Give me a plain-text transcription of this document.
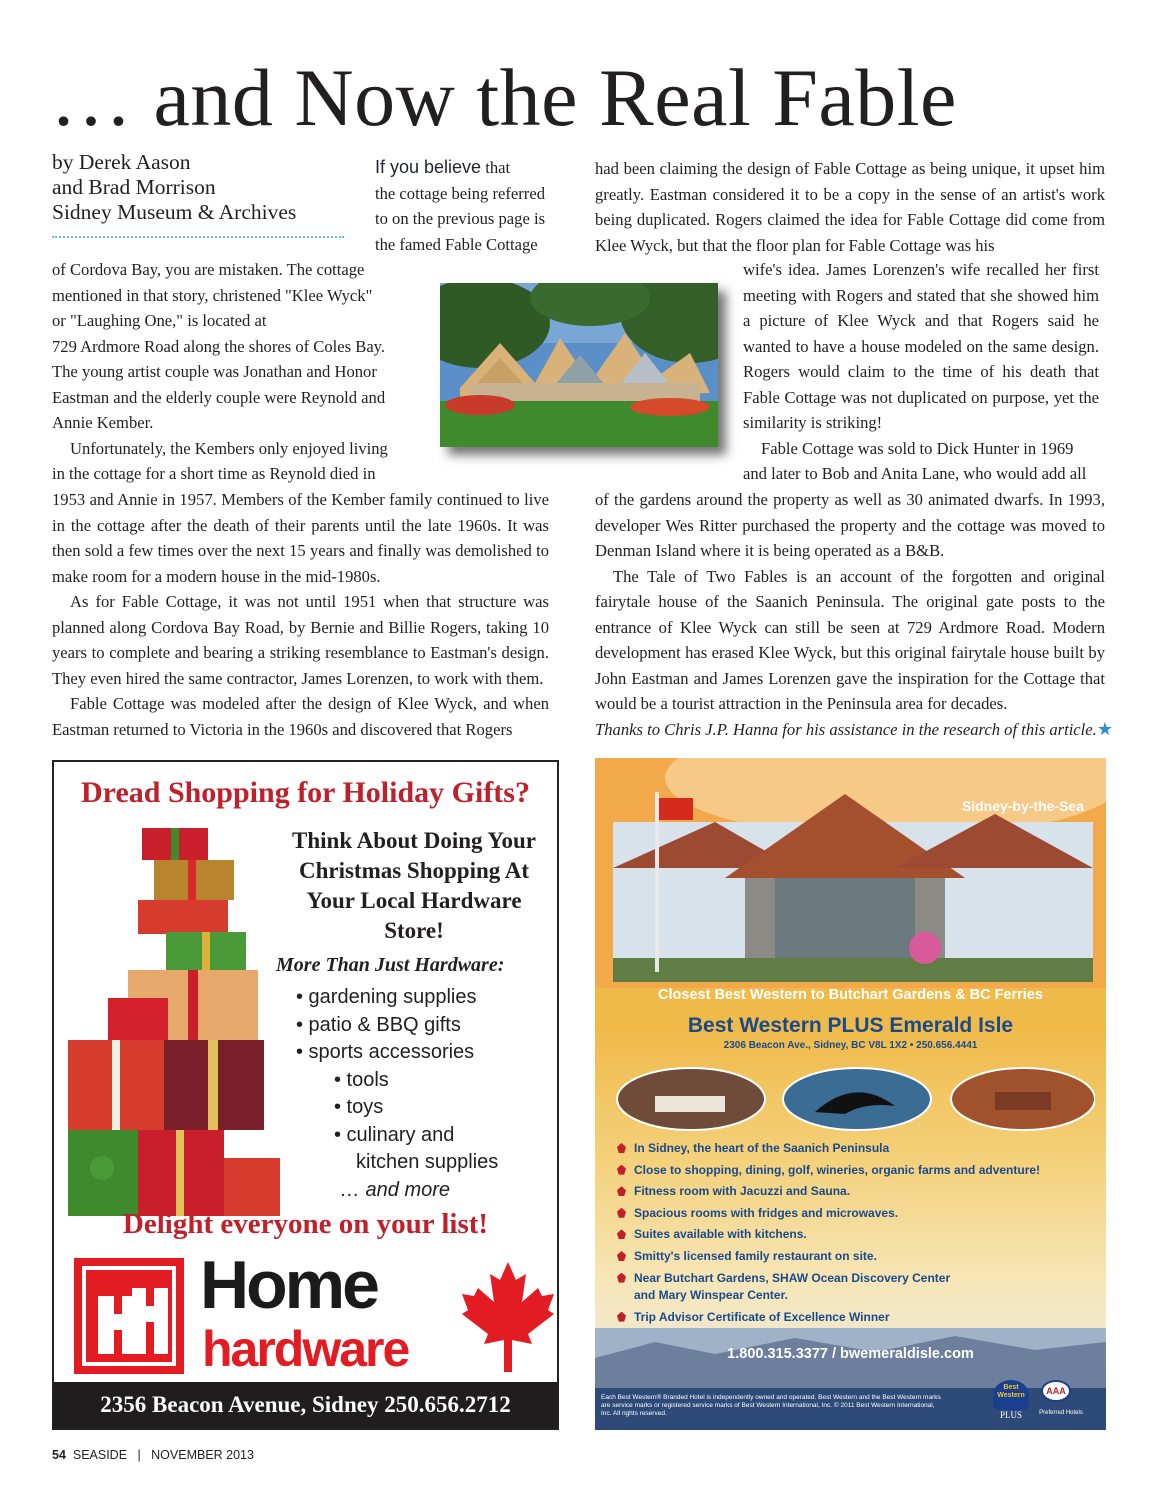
… and Now the Real Fable
by Derek Aason
and Brad Morrison
Sidney Museum & Archives
If you believe that
the cottage being referred
to on the previous page is
the famed Fable Cottage
of Cordova Bay, you are mistaken. The cottage
mentioned in that story, christened "Klee Wyck"
or "Laughing One," is located at
729 Ardmore Road along the shores of Coles Bay.
The young artist couple was Jonathan and Honor
Eastman and the elderly couple were Reynold and
Annie Kember.
Unfortunately, the Kembers only enjoyed living
in the cottage for a short time as Reynold died in

1953 and Annie in 1957. Members of the Kember family continued to live in the cottage after the death of their parents until the late 1960s. It was then sold a few times over the next 15 years and finally was demolished to make room for a modern house in the mid-1980s.

As for Fable Cottage, it was not until 1951 when that structure was planned along Cordova Bay Road, by Bernie and Billie Rogers, taking 10 years to complete and bearing a striking resemblance to Eastman's design. They even hired the same contractor, James Lorenzen, to work with them.

Fable Cottage was modeled after the design of Klee Wyck, and when Eastman returned to Victoria in the 1960s and discovered that Rogers

had been claiming the design of Fable Cottage as being unique, it upset him greatly. Eastman considered it to be a copy in the sense of an artist's work being duplicated. Rogers claimed the idea for Fable Cottage did come from Klee Wyck, but that the floor plan for Fable Cottage was his

wife's idea. James Lorenzen's wife recalled her first meeting with Rogers and stated that she showed him a picture of Klee Wyck and that Rogers said he wanted to have a house modeled on the same design. Rogers would claim to the time of his death that Fable Cottage was not duplicated on purpose, yet the similarity is striking!

Fable Cottage was sold to Dick Hunter in 1969
and later to Bob and Anita Lane, who would add all

of the gardens around the property as well as 30 animated dwarfs. In 1993, developer Wes Ritter purchased the property and the cottage was moved to Denman Island where it is being operated as a B&B.

The Tale of Two Fables is an account of the forgotten and original fairytale house of the Saanich Peninsula. The original gate posts to the entrance of Klee Wyck can still be seen at 729 Ardmore Road. Modern development has erased Klee Wyck, but this original fairytale house built by John Eastman and James Lorenzen gave the inspiration for the Cottage that would be a tourist attraction in the Peninsula area for decades.

Thanks to Chris J.P. Hanna for his assistance in the research of this article.★

Dread Shopping for Holiday Gifts?
Think About Doing Your Christmas Shopping At Your Local Hardware Store!
More Than Just Hardware:
• gardening supplies
• patio & BBQ gifts
• sports accessories
• tools
• toys
• culinary and
kitchen supplies
… and more
Delight everyone on your list!
Home
hardware
2356 Beacon Avenue, Sidney 250.656.2712
Sidney-by-the-Sea
Closest Best Western to Butchart Gardens & BC Ferries
Best Western PLUS Emerald Isle
2306 Beacon Ave., Sidney, BC V8L 1X2 • 250.656.4441
In Sidney, the heart of the Saanich Peninsula
Close to shopping, dining, golf, wineries, organic farms and adventure!
Fitness room with Jacuzzi and Sauna.
Spacious rooms with fridges and microwaves.
Suites available with kitchens.
Smitty's licensed family restaurant on site.
Near Butchart Gardens, SHAW Ocean Discovery Center
and Mary Winspear Center.
Trip Advisor Certificate of Excellence Winner
1.800.315.3377 / bwemeraldisle.com
Each Best Western® Branded Hotel is independently owned and operated. Best Western and the Best Western marks are service marks or registered service marks of Best Western International, Inc. © 2011 Best Western International, Inc. All rights reserved.
Best Western
PLUS
AAA
Preferred Hotels
54 SEASIDE | NOVEMBER 2013
